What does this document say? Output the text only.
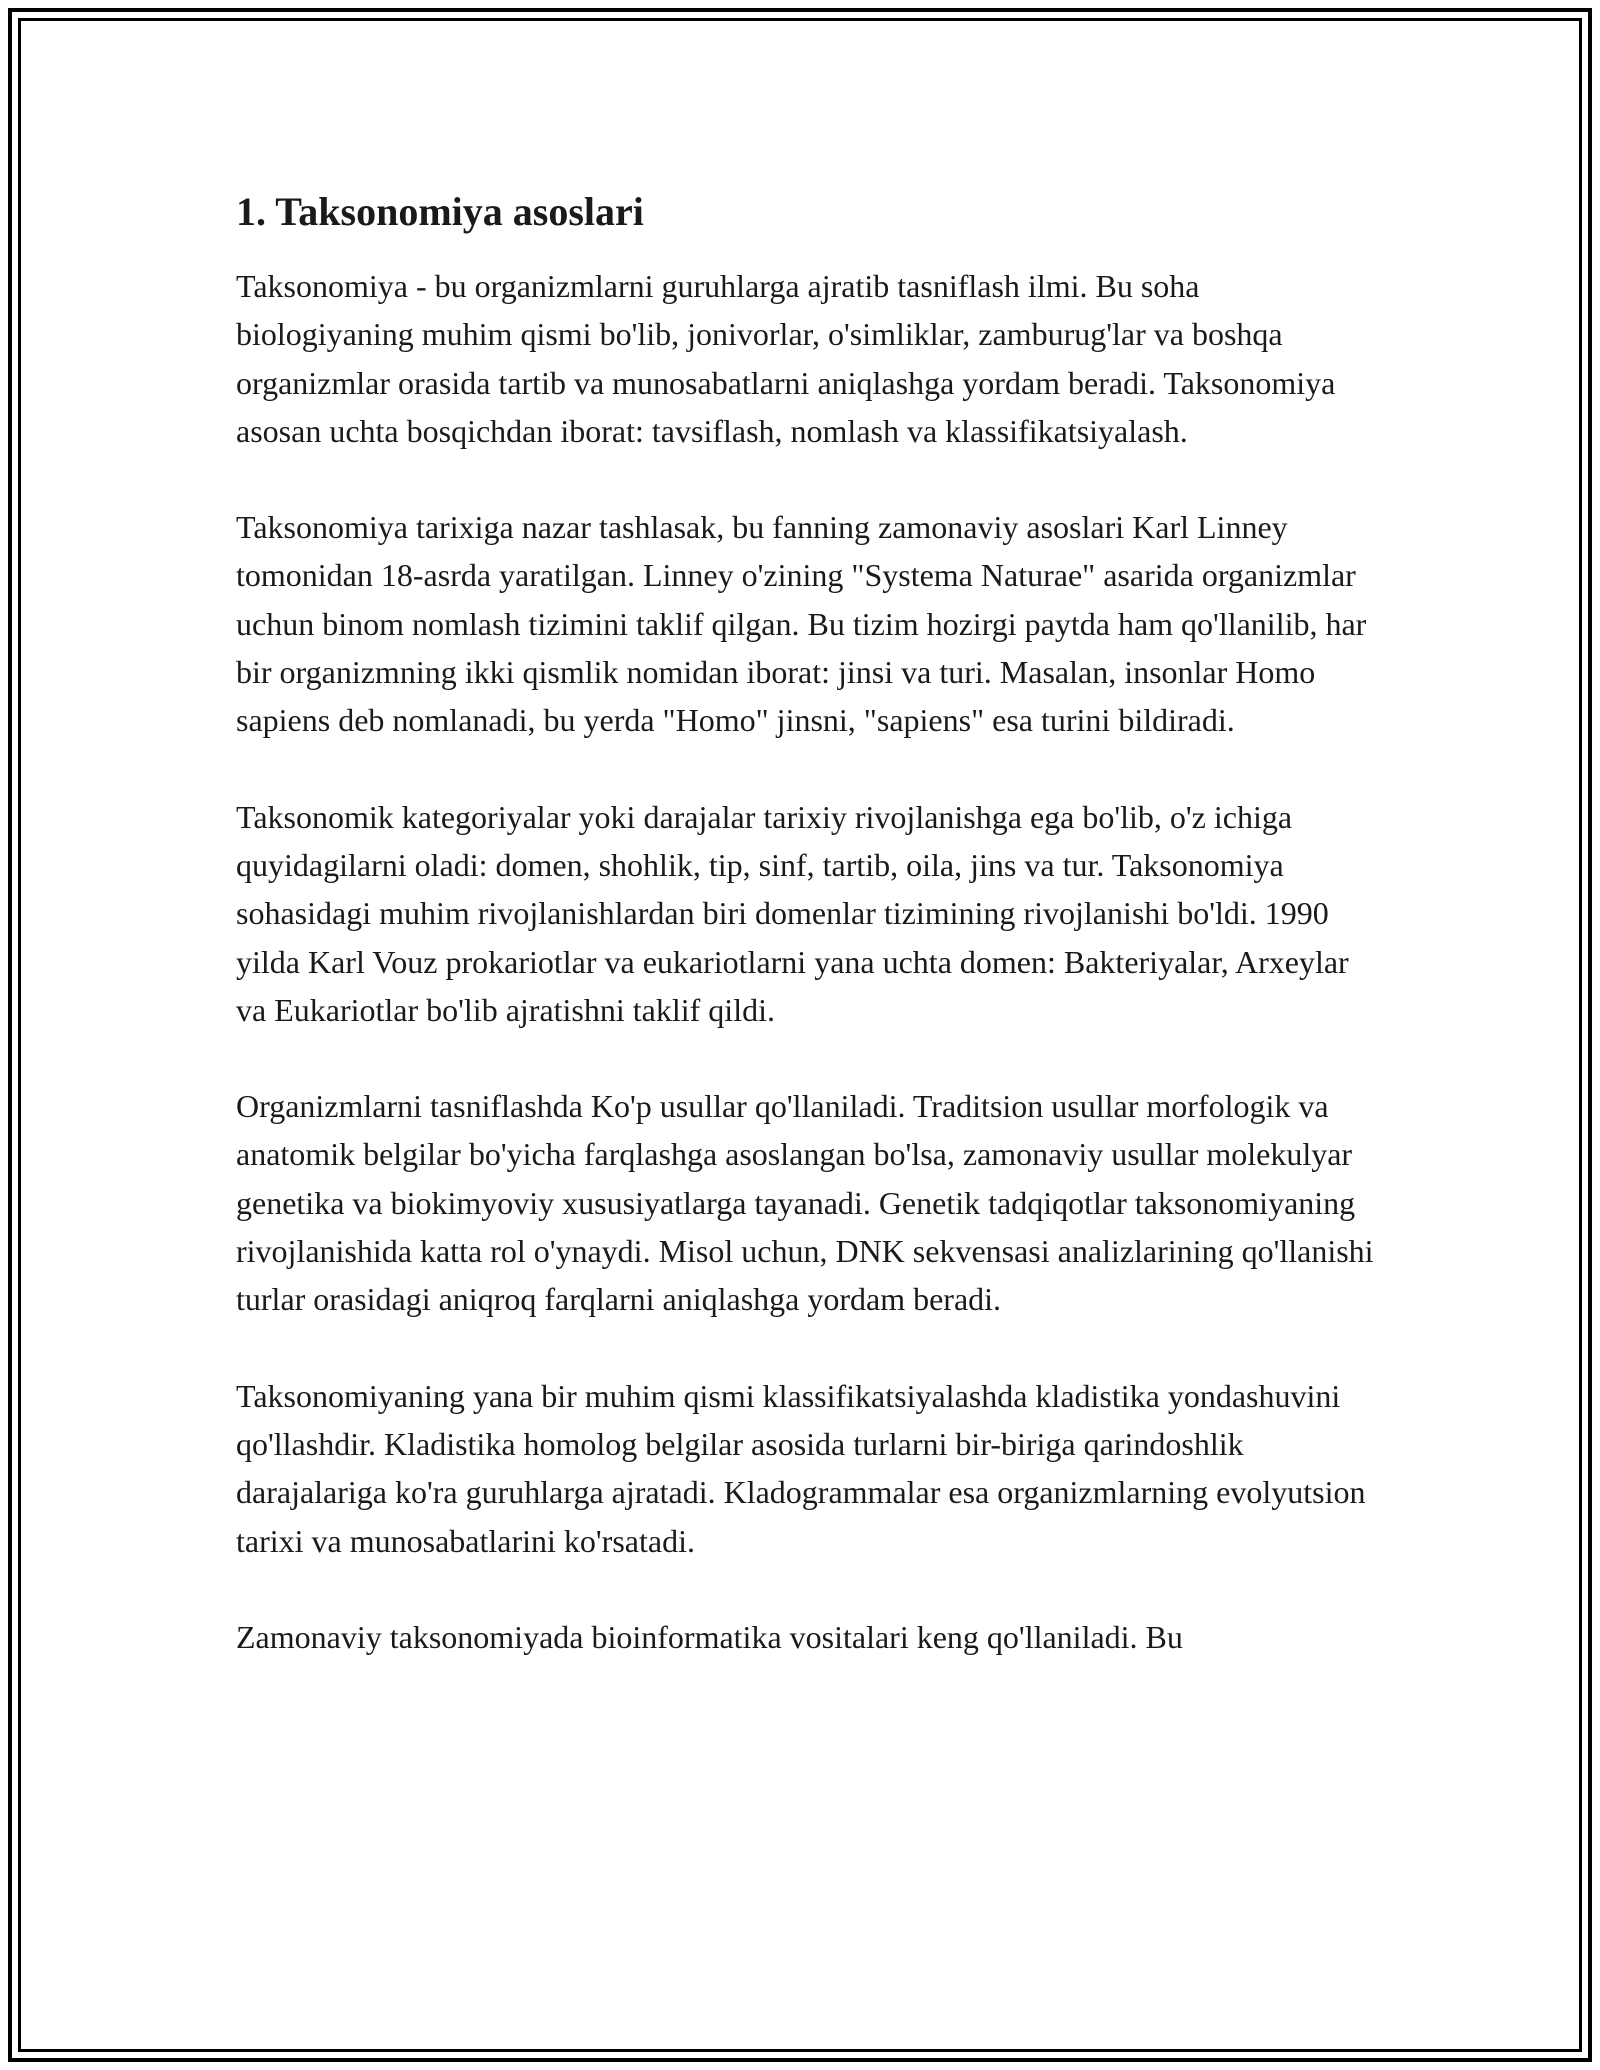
1. Taksonomiya asoslari

Taksonomiya - bu organizmlarni guruhlarga ajratib tasniflash ilmi. Bu soha biologiyaning muhim qismi bo'lib, jonivorlar, o'simliklar, zamburug'lar va boshqa organizmlar orasida tartib va munosabatlarni aniqlashga yordam beradi. Taksonomiya asosan uchta bosqichdan iborat: tavsiflash, nomlash va klassifikatsiyalash.

Taksonomiya tarixiga nazar tashlasak, bu fanning zamonaviy asoslari Karl Linney tomonidan 18-asrda yaratilgan. Linney o'zining "Systema Naturae" asarida organizmlar uchun binom nomlash tizimini taklif qilgan. Bu tizim hozirgi paytda ham qo'llanilib, har bir organizmning ikki qismlik nomidan iborat: jinsi va turi. Masalan, insonlar Homo sapiens deb nomlanadi, bu yerda "Homo" jinsni, "sapiens" esa turini bildiradi.

Taksonomik kategoriyalar yoki darajalar tarixiy rivojlanishga ega bo'lib, o'z ichiga quyidagilarni oladi: domen, shohlik, tip, sinf, tartib, oila, jins va tur. Taksonomiya sohasidagi muhim rivojlanishlardan biri domenlar tizimining rivojlanishi bo'ldi. 1990 yilda Karl Vouz prokariotlar va eukariotlarni yana uchta domen: Bakteriyalar, Arxeylar va Eukariotlar bo'lib ajratishni taklif qildi.

Organizmlarni tasniflashda Ko'p usullar qo'llaniladi. Traditsion usullar morfologik va anatomik belgilar bo'yicha farqlashga asoslangan bo'lsa, zamonaviy usullar molekulyar genetika va biokimyoviy xususiyatlarga tayanadi. Genetik tadqiqotlar taksonomiyaning rivojlanishida katta rol o'ynaydi. Misol uchun, DNK sekvensasi analizlarining qo'llanishi turlar orasidagi aniqroq farqlarni aniqlashga yordam beradi.

Taksonomiyaning yana bir muhim qismi klassifikatsiyalashda kladistika yondashuvini qo'llashdir. Kladistika homolog belgilar asosida turlarni bir-biriga qarindoshlik darajalariga ko'ra guruhlarga ajratadi. Kladogrammalar esa organizmlarning evolyutsion tarixi va munosabatlarini ko'rsatadi.

Zamonaviy taksonomiyada bioinformatika vositalari keng qo'llaniladi. Bu
